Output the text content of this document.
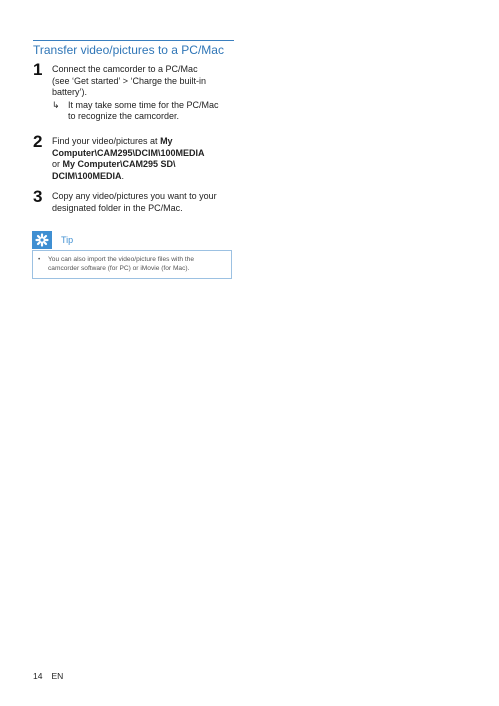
Transfer video/pictures to a PC/Mac
1 Connect the camcorder to a PC/Mac
(see ‘Get started’ > ‘Charge the built-in
battery’).
↳ It may take some time for the PC/Mac
to recognize the camcorder.
2 Find your video/pictures at My
Computer\CAM295\DCIM\100MEDIA
or My Computer\CAM295 SD\
DCIM\100MEDIA.
3 Copy any video/pictures you want to your
designated folder in the PC/Mac.
Tip
•	You can also import the video/picture files with the
camcorder software (for PC) or iMovie (for Mac).
14 EN
